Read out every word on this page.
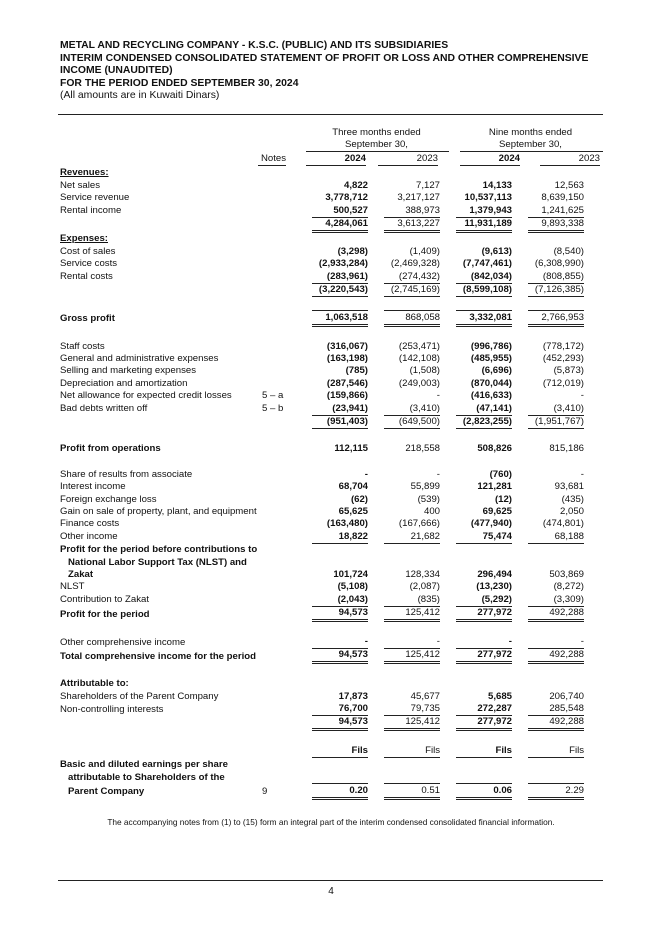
METAL AND RECYCLING COMPANY - K.S.C. (PUBLIC) AND ITS SUBSIDIARIES
INTERIM CONDENSED CONSOLIDATED STATEMENT OF PROFIT OR LOSS AND OTHER COMPREHENSIVE
INCOME (UNAUDITED)
FOR THE PERIOD ENDED SEPTEMBER 30, 2024
(All amounts are in Kuwaiti Dinars)
Three months ended
September 30,
Nine months ended
September 30,
Notes	2024	2023	2024	2023
Revenues:								
Net sales		4,822		7,127		14,133		12,563
Service revenue		3,778,712		3,217,127		10,537,113		8,639,150
Rental income		500,527		388,973		1,379,943		1,241,625
		4,284,061		3,613,227		11,931,189		9,893,338
Expenses:								
Cost of sales		(3,298)		(1,409)		(9,613)		(8,540)
Service costs		(2,933,284)		(2,469,328)		(7,747,461)		(6,308,990)
Rental costs		(283,961)		(274,432)		(842,034)		(808,855)
		(3,220,543)		(2,745,169)		(8,599,108)		(7,126,385)

Gross profit		1,063,518		868,058		3,332,081		2,766,953

Staff costs		(316,067)		(253,471)		(996,786)		(778,172)
General and administrative expenses		(163,198)		(142,108)		(485,955)		(452,293)
Selling and marketing expenses		(785)		(1,508)		(6,696)		(5,873)
Depreciation and amortization		(287,546)		(249,003)		(870,044)		(712,019)
Net allowance for expected credit losses	5 – a	(159,866)		-		(416,633)		-
Bad debts written off	5 – b	(23,941)		(3,410)		(47,141)		(3,410)
		(951,403)		(649,500)		(2,823,255)		(1,951,767)

Profit from operations		112,115		218,558		508,826		815,186

Share of results from associate		-		-		(760)		-
Interest income		68,704		55,899		121,281		93,681
Foreign exchange loss		(62)		(539)		(12)		(435)
Gain on sale of property, plant, and equipment		65,625		400		69,625		2,050
Finance costs		(163,480)		(167,666)		(477,940)		(474,801)
Other income		18,822		21,682		75,474		68,188
Profit for the period before contributions to								
National Labor Support Tax (NLST) and								
Zakat		101,724		128,334		296,494		503,869
NLST		(5,108)		(2,087)		(13,230)		(8,272)
Contribution to Zakat		(2,043)		(835)		(5,292)		(3,309)
Profit for the period		94,573		125,412		277,972		492,288

Other comprehensive income		-		-		-		-
Total comprehensive income for the period		94,573		125,412		277,972		492,288

Attributable to:								
Shareholders of the Parent Company		17,873		45,677		5,685		206,740
Non-controlling interests		76,700		79,735		272,287		285,548
		94,573		125,412		277,972		492,288

		Fils		Fils		Fils		Fils
Basic and diluted earnings per share								
attributable to Shareholders of the								
Parent Company	9	0.20		0.51		0.06		2.29
The accompanying notes from (1) to (15) form an integral part of the interim condensed consolidated financial information.
4
